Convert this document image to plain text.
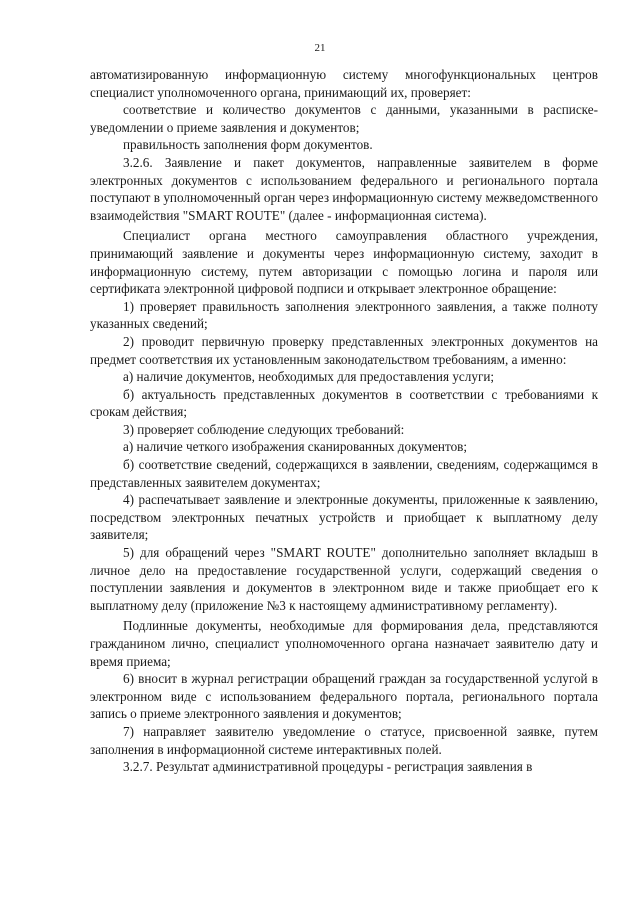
21

автоматизированную информационную систему многофункциональных центров специалист уполномоченного органа, принимающий их, проверяет:

соответствие и количество документов с данными, указанными в расписке-уведомлении о приеме заявления и документов;

правильность заполнения форм документов.

3.2.6. Заявление и пакет документов, направленные заявителем в форме электронных документов с использованием федерального и регионального портала поступают в уполномоченный орган через информационную систему межведомственного взаимодействия "SMART ROUTE" (далее - информационная система).

Специалист органа местного самоуправления областного учреждения, принимающий заявление и документы через информационную систему, заходит в информационную систему, путем авторизации с помощью логина и пароля или сертификата электронной цифровой подписи и открывает электронное обращение:

1) проверяет правильность заполнения электронного заявления, а также полноту указанных сведений;

2) проводит первичную проверку представленных электронных документов на предмет соответствия их установленным законодательством требованиям, а именно:

а) наличие документов, необходимых для предоставления услуги;

б) актуальность представленных документов в соответствии с требованиями к срокам действия;

3) проверяет соблюдение следующих требований:

а) наличие четкого изображения сканированных документов;

б) соответствие сведений, содержащихся в заявлении, сведениям, содержащимся в представленных заявителем документах;

4) распечатывает заявление и электронные документы, приложенные к заявлению, посредством электронных печатных устройств и приобщает к выплатному делу заявителя;

5) для обращений через "SMART ROUTE" дополнительно заполняет вкладыш в личное дело на предоставление государственной услуги, содержащий сведения о поступлении заявления и документов в электронном виде и также приобщает его к выплатному делу (приложение №3 к настоящему административному регламенту).

Подлинные документы, необходимые для формирования дела, представляются гражданином лично, специалист уполномоченного органа назначает заявителю дату и время приема;

6) вносит в журнал регистрации обращений граждан за государственной услугой в электронном виде с использованием федерального портала, регионального портала запись о приеме электронного заявления и документов;

7) направляет заявителю уведомление о статусе, присвоенной заявке, путем заполнения в информационной системе интерактивных полей.

3.2.7. Результат административной процедуры - регистрация заявления в
